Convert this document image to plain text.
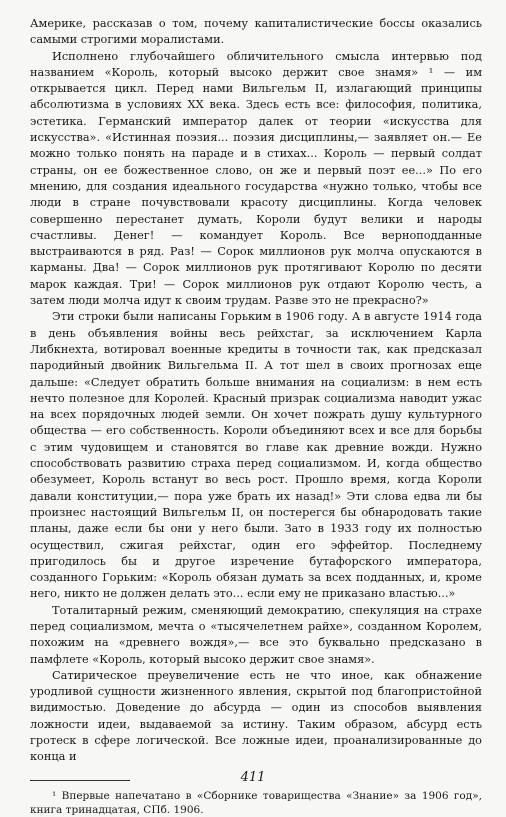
Америке, рассказав о том, почему капиталистические боссы оказались самыми строгими моралистами.

Исполнено глубочайшего обличительного смысла интервью под названием «Король, который высоко держит свое знамя» ¹ — им открывается цикл. Перед нами Вильгельм II, излагающий принципы абсолютизма в условиях XX века. Здесь есть все: философия, политика, эстетика. Германский император далек от теории «искусства для искусства». «Истинная поэзия... поэзия дисциплины,— заявляет он.— Ее можно только понять на параде и в стихах... Король — первый солдат страны, он ее божественное слово, он же и первый поэт ее...» По его мнению, для создания идеального государства «нужно только, чтобы все люди в стране почувствовали красоту дисциплины. Когда человек совершенно перестанет думать, Короли будут велики и народы счастливы. Денег! — командует Король. Все верноподданные выстраиваются в ряд. Раз! — Сорок миллионов рук молча опускаются в карманы. Два! — Сорок миллионов рук протягивают Королю по десяти марок каждая. Три! — Сорок миллионов рук отдают Королю честь, а затем люди молча идут к своим трудам. Разве это не прекрасно?»

Эти строки были написаны Горьким в 1906 году. А в августе 1914 года в день объявления войны весь рейхстаг, за исключением Карла Либкнехта, вотировал военные кредиты в точности так, как предсказал пародийный двойник Вильгельма II. А тот шел в своих прогнозах еще дальше: «Следует обратить больше внимания на социализм: в нем есть нечто полезное для Королей. Красный призрак социализма наводит ужас на всех порядочных людей земли. Он хочет пожрать душу культурного общества — его собственность. Короли объединяют всех и все для борьбы с этим чудовищем и становятся во главе как древние вожди. Нужно способствовать развитию страха перед социализмом. И, когда общество обезумеет, Король встанут во весь рост. Прошло время, когда Короли давали конституции,— пора уже брать их назад!» Эти слова едва ли бы произнес настоящий Вильгельм II, он постерегся бы обнародовать такие планы, даже если бы они у него были. Зато в 1933 году их полностью осуществил, сжигая рейхстаг, один его эффейтор. Последнему пригодилось бы и другое изречение бутафорского императора, созданного Горьким: «Король обязан думать за всех подданных, и, кроме него, никто не должен делать это... если ему не приказано властью...»

Тоталитарный режим, сменяющий демократию, спекуляция на страхе перед социализмом, мечта о «тысячелетнем райхе», созданном Королем, похожим на «древнего вождя»,— все это буквально предсказано в памфлете «Король, который высоко держит свое знамя».

Сатирическое преувеличение есть не что иное, как обнажение уродливой сущности жизненного явления, скрытой под благопристойной видимостью. Доведение до абсурда — один из способов выявления ложности идеи, выдаваемой за истину. Таким образом, абсурд есть гротеск в сфере логической. Все ложные идеи, проанализированные до конца и

¹ Впервые напечатано в «Сборнике товарищества «Знание» за 1906 год», книга тринадцатая, СПб. 1906.

411
